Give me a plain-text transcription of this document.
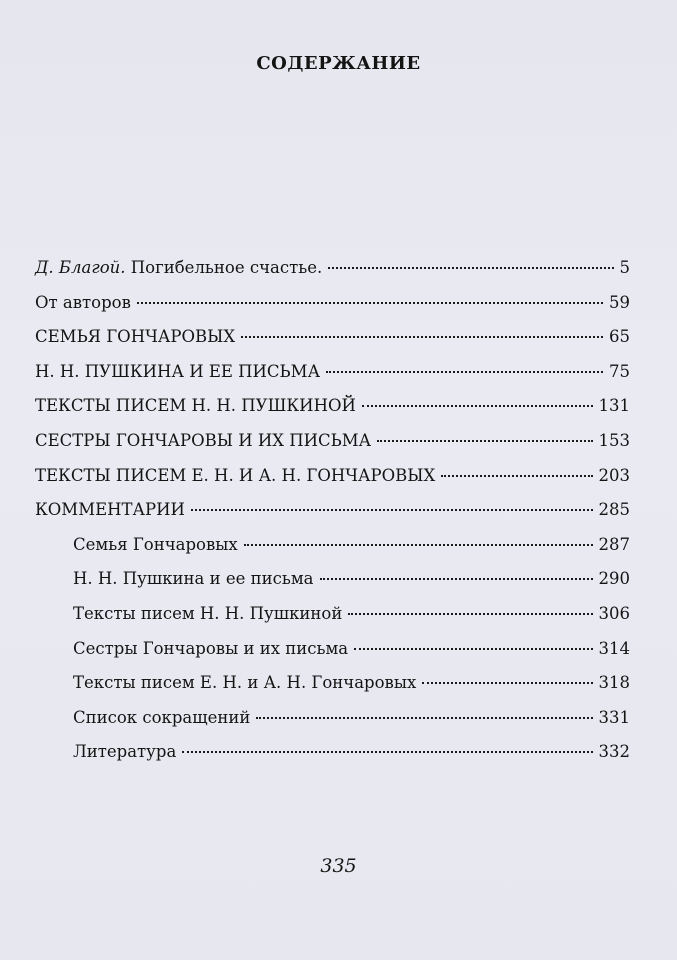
СОДЕРЖАНИЕ
Д. Благой. Погибельное счастье.	5
От авторов	59
СЕМЬЯ ГОНЧАРОВЫХ	65
Н. Н. ПУШКИНА И ЕЕ ПИСЬМА	75
ТЕКСТЫ ПИСЕМ Н. Н. ПУШКИНОЙ	131
СЕСТРЫ ГОНЧАРОВЫ И ИХ ПИСЬМА	153
ТЕКСТЫ ПИСЕМ Е. Н. И А. Н. ГОНЧАРОВЫХ	203
КОММЕНТАРИИ	285
Семья Гончаровых	287
Н. Н. Пушкина и ее письма	290
Тексты писем Н. Н. Пушкиной	306
Сестры Гончаровы и их письма	314
Тексты писем Е. Н. и А. Н. Гончаровых	318
Список сокращений	331
Литература	332
335
